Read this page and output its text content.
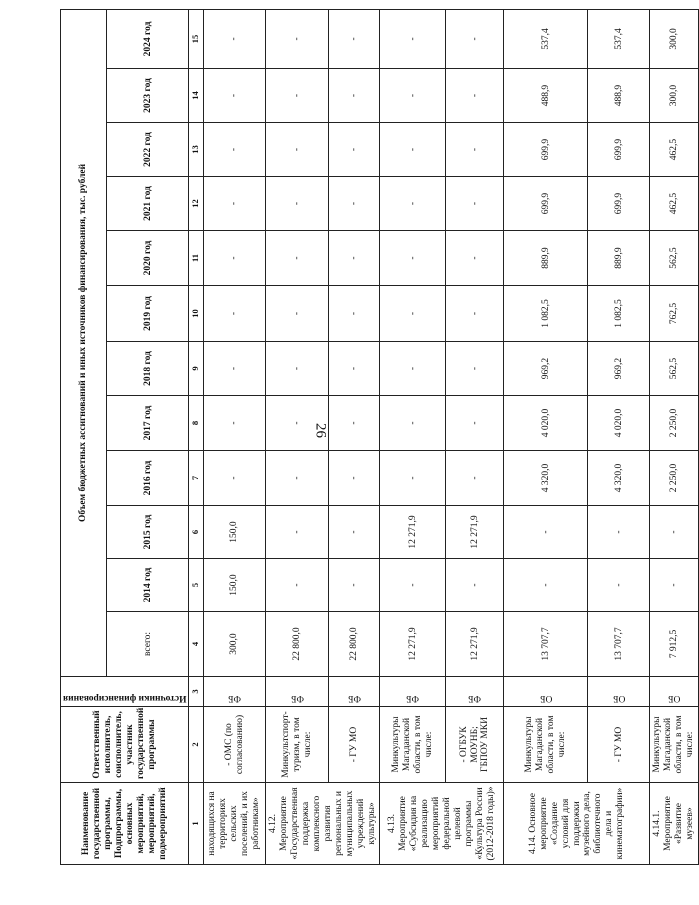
26
Наименование государственной программы, Подпрограммы, основных мероприятий, мероприятий, подмероприятий	Ответственный исполнитель, соисполнитель, участник государственной программы	Источники финансирования	Объем бюджетных ассигнований и иных источников финансирования, тыс. рублей											
			всего:	2014 год	2015 год	2016 год	2017 год	2018 год	2019 год	2020 год	2021 год	2022 год	2023 год	2024 год
1	2	3	4	5	6	7	8	9	10	11	12	13	14	15
находящихся на территориях сельских поселений, и их работникам»	- ОМС (по согласованию)	ФБ	300,0	150,0	150,0	-	-	-	-	-	-	-	-	-
4.12. Мероприятие «Государственная поддержка комплексного развития региональных и муниципальных учреждений культуры»	Минкультспорт-туризм, в том числе:	ФБ	22 800,0	-	-	-	-	-	-	-	-	-	-	-
	- ГУ МО	ФБ	22 800,0	-	-	-	-	-	-	-	-	-	-	-
4.13. Мероприятие «Субсидия на реализацию мероприятий федеральной целевой программы «Культура России (2012-2018 годы)»	Минкультуры Магаданской области, в том числе:	ФБ	12 271,9	-	12 271,9	-	-	-	-	-	-	-	-	-
	- ОГБУК МОУНБ; ГБПОУ МКИ	ФБ	12 271,9	-	12 271,9	-	-	-	-	-	-	-	-	-
4.14. Основное мероприятие «Создание условий для поддержки музейного дела, библиотечного дела и кинематографии»	Минкультуры Магаданской области, в том числе:	ОБ	13 707,7	-	-	4 320,0	4 020,0	969,2	1 082,5	889,9	699,9	699,9	488,9	537,4
	- ГУ МО	ОБ	13 707,7	-	-	4 320,0	4 020,0	969,2	1 082,5	889,9	699,9	699,9	488,9	537,4
4.14.1. Мероприятие «Развитие музеев»	Минкультуры Магаданской области, в том числе:	ОБ	7 912,5	-	-	2 250,0	2 250,0	562,5	762,5	562,5	462,5	462,5	300,0	300,0
